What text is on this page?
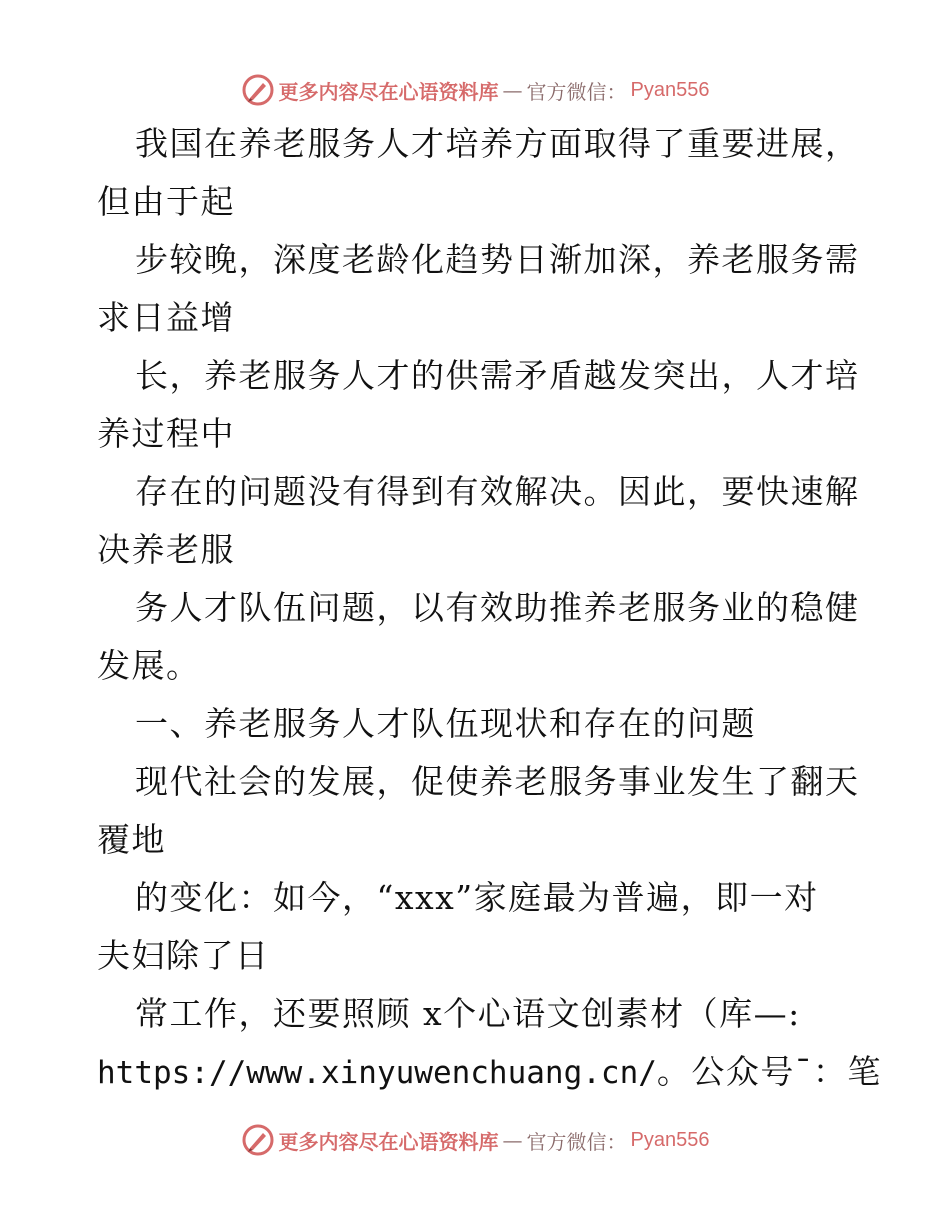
更多内容尽在心语资料库 — 官方微信： Pyan556
我国在养老服务人才培养方面取得了重要进展，
但由于起
步较晚，深度老龄化趋势日渐加深，养老服务需
求日益增
长，养老服务人才的供需矛盾越发突出，人才培
养过程中
存在的问题没有得到有效解决。因此，要快速解
决养老服
务人才队伍问题，以有效助推养老服务业的稳健
发展。
一、养老服务人才队伍现状和存在的问题
现代社会的发展，促使养老服务事业发生了翻天
覆地
的变化：如今，“xxx”家庭最为普遍，即一对
夫妇除了日
常工作，还要照顾 x个心语文创素材（库—:
https://www.xinyuwenchuang.cn/。公众号¯：笔
更多内容尽在心语资料库 — 官方微信： Pyan556
